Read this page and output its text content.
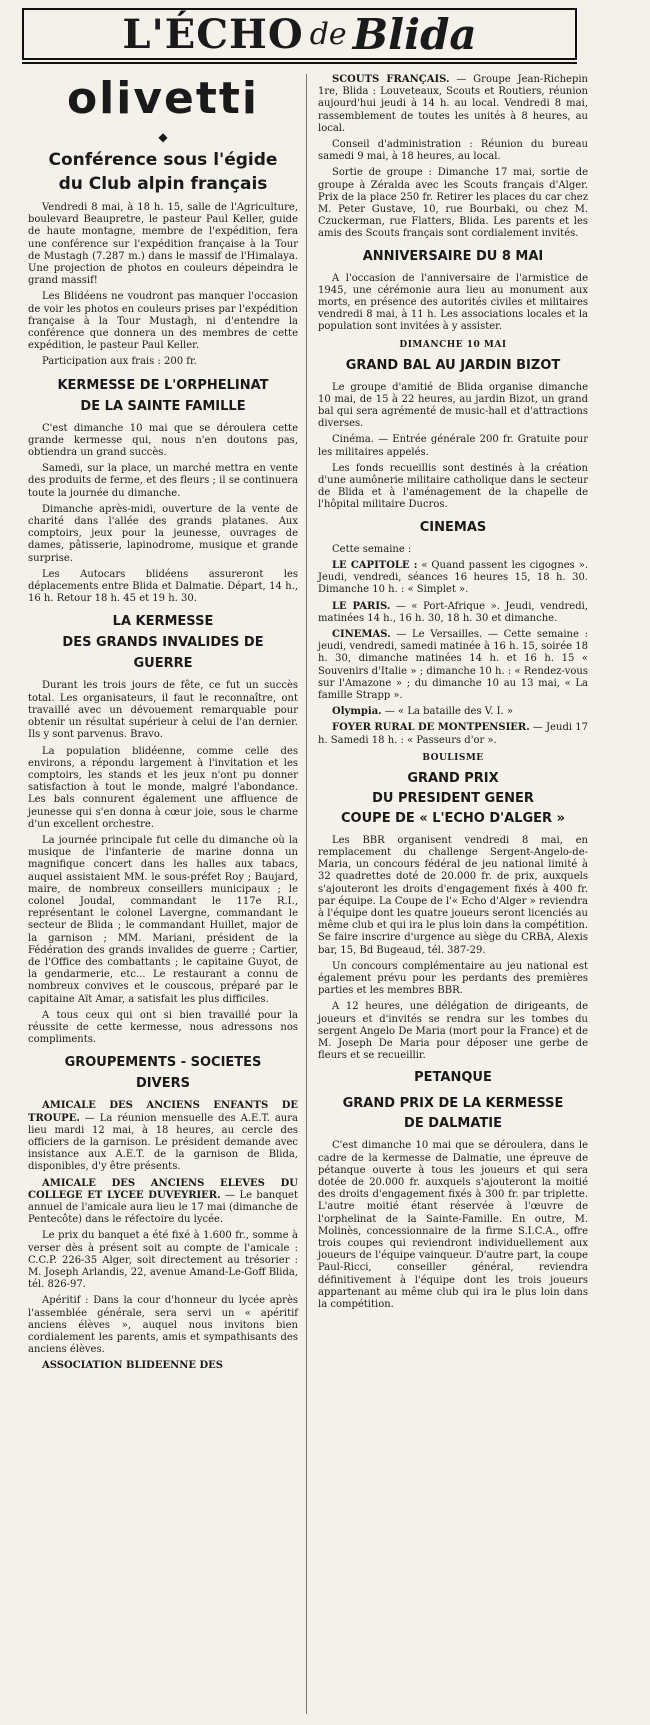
L'ÉCHO de Blida

olivetti

◆
Conférence sous l'égide
du Club alpin français

Vendredi 8 mai, à 18 h. 15, salle de l'Agriculture, boulevard Beaupretre, le pasteur Paul Keller, guide de haute montagne, membre de l'expédition, fera une conférence sur l'expédition française à la Tour de Mustagh (7.287 m.) dans le massif de l'Himalaya. Une projection de photos en couleurs dépeindra le grand massif!

Les Blidéens ne voudront pas manquer l'occasion de voir les photos en couleurs prises par l'expédition française à la Tour Mustagh, ni d'entendre la conférence que donnera un des membres de cette expédition, le pasteur Paul Keller.

Participation aux frais : 200 fr.

KERMESSE DE L'ORPHELINAT
DE LA SAINTE FAMILLE

C'est dimanche 10 mai que se déroulera cette grande kermesse qui, nous n'en doutons pas, obtiendra un grand succès.

Samedi, sur la place, un marché mettra en vente des produits de ferme, et des fleurs ; il se continuera toute la journée du dimanche.

Dimanche après-midi, ouverture de la vente de charité dans l'allée des grands platanes. Aux comptoirs, jeux pour la jeunesse, ouvrages de dames, pâtisserie, lapinodrome, musique et grande surprise.

Les Autocars blidéens assureront les déplacements entre Blida et Dalmatie. Départ, 14 h., 16 h. Retour 18 h. 45 et 19 h. 30.

LA KERMESSE
DES GRANDS INVALIDES DE
GUERRE

Durant les trois jours de fête, ce fut un succès total. Les organisateurs, il faut le reconnaître, ont travaillé avec un dévouement remarquable pour obtenir un résultat supérieur à celui de l'an dernier. Ils y sont parvenus. Bravo.

La population blidéenne, comme celle des environs, a répondu largement à l'invitation et les comptoirs, les stands et les jeux n'ont pu donner satisfaction à tout le monde, malgré l'abondance. Les bals connurent également une affluence de jeunesse qui s'en donna à cœur joie, sous le charme d'un excellent orchestre.

La journée principale fut celle du dimanche où la musique de l'infanterie de marine donna un magnifique concert dans les halles aux tabacs, auquel assistaient MM. le sous-préfet Roy ; Baujard, maire, de nombreux conseillers municipaux ; le colonel Joudal, commandant le 117e R.I., représentant le colonel Lavergne, commandant le secteur de Blida ; le commandant Huillet, major de la garnison ; MM. Mariani, président de la Fédération des grands invalides de guerre ; Cartier, de l'Office des combattants ; le capitaine Guyot, de la gendarmerie, etc... Le restaurant a connu de nombreux convives et le couscous, préparé par le capitaine Aït Amar, a satisfait les plus difficiles.

A tous ceux qui ont si bien travaillé pour la réussite de cette kermesse, nous adressons nos compliments.

GROUPEMENTS - SOCIETES
DIVERS

AMICALE DES ANCIENS ENFANTS DE TROUPE. — La réunion mensuelle des A.E.T. aura lieu mardi 12 mai, à 18 heures, au cercle des officiers de la garnison. Le président demande avec insistance aux A.E.T. de la garnison de Blida, disponibles, d'y être présents.

AMICALE DES ANCIENS ELEVES DU COLLEGE ET LYCEE DUVEYRIER. — Le banquet annuel de l'amicale aura lieu le 17 mai (dimanche de Pentecôte) dans le réfectoire du lycée.

Le prix du banquet a été fixé à 1.600 fr., somme à verser dès à présent soit au compte de l'amicale : C.C.P. 226-35 Alger, soit directement au trésorier : M. Joseph Arlandis, 22, avenue Amand-Le-Goff Blida, tél. 826-97.

Apéritif : Dans la cour d'honneur du lycée après l'assemblée générale, sera servi un « apéritif anciens élèves », auquel nous invitons bien cordialement les parents, amis et sympathisants des anciens élèves.

ASSOCIATION BLIDEENNE DES

SCOUTS FRANÇAIS. — Groupe Jean-Richepin 1re, Blida : Louveteaux, Scouts et Routiers, réunion aujourd'hui jeudi à 14 h. au local. Vendredi 8 mai, rassemblement de toutes les unités à 8 heures, au local.

Conseil d'administration : Réunion du bureau samedi 9 mai, à 18 heures, au local.

Sortie de groupe : Dimanche 17 mai, sortie de groupe à Zéralda avec les Scouts français d'Alger. Prix de la place 250 fr. Retirer les places du car chez M. Peter Gustave, 10, rue Bourbaki, ou chez M. Czuckerman, rue Flatters, Blida. Les parents et les amis des Scouts français sont cordialement invités.

ANNIVERSAIRE DU 8 MAI

A l'occasion de l'anniversaire de l'armistice de 1945, une cérémonie aura lieu au monument aux morts, en présence des autorités civiles et militaires vendredi 8 mai, à 11 h. Les associations locales et la population sont invitées à y assister.

DIMANCHE 10 MAI
GRAND BAL AU JARDIN BIZOT

Le groupe d'amitié de Blida organise dimanche 10 mai, de 15 à 22 heures, au jardin Bizot, un grand bal qui sera agrémenté de music-hall et d'attractions diverses.

Cinéma. — Entrée générale 200 fr. Gratuite pour les militaires appelés.

Les fonds recueillis sont destinés à la création d'une aumônerie militaire catholique dans le secteur de Blida et à l'aménagement de la chapelle de l'hôpital militaire Ducros.

CINEMAS

Cette semaine :

LE CAPITOLE : « Quand passent les cigognes ». Jeudi, vendredi, séances 16 heures 15, 18 h. 30. Dimanche 10 h. : « Simplet ».

LE PARIS. — « Port-Afrique ». Jeudi, vendredi, matinées 14 h., 16 h. 30, 18 h. 30 et dimanche.

CINEMAS. — Le Versailles. — Cette semaine : jeudi, vendredi, samedi matinée à 16 h. 15, soirée 18 h. 30, dimanche matinées 14 h. et 16 h. 15 « Souvenirs d'Italie » ; dimanche 10 h. : « Rendez-vous sur l'Amazone » ; du dimanche 10 au 13 mai, « La famille Strapp ».

Olympia. — « La bataille des V. I. »

FOYER RURAL DE MONTPENSIER. — Jeudi 17 h. Samedi 18 h. : « Passeurs d'or ».

BOULISME
GRAND PRIX
DU PRESIDENT GENER
COUPE DE « L'ECHO D'ALGER »

Les BBR organisent vendredi 8 mai, en remplacement du challenge Sergent-Angelo-de-Maria, un concours fédéral de jeu national limité à 32 quadrettes doté de 20.000 fr. de prix, auxquels s'ajouteront les droits d'engagement fixés à 400 fr. par équipe. La Coupe de l'« Echo d'Alger » reviendra à l'équipe dont les quatre joueurs seront licenciés au même club et qui ira le plus loin dans la compétition. Se faire inscrire d'urgence au siège du CRBA, Alexis bar, 15, Bd Bugeaud, tél. 387-29.

Un concours complémentaire au jeu national est également prévu pour les perdants des premières parties et les membres BBR.

A 12 heures, une délégation de dirigeants, de joueurs et d'invités se rendra sur les tombes du sergent Angelo De Maria (mort pour la France) et de M. Joseph De Maria pour déposer une gerbe de fleurs et se recueillir.

PETANQUE
GRAND PRIX DE LA KERMESSE
DE DALMATIE

C'est dimanche 10 mai que se déroulera, dans le cadre de la kermesse de Dalmatie, une épreuve de pétanque ouverte à tous les joueurs et qui sera dotée de 20.000 fr. auxquels s'ajouteront la moitié des droits d'engagement fixés à 300 fr. par triplette. L'autre moitié étant réservée à l'œuvre de l'orphelinat de la Sainte-Famille. En outre, M. Molinès, concessionnaire de la firme S.I.C.A., offre trois coupes qui reviendront individuellement aux joueurs de l'équipe vainqueur. D'autre part, la coupe Paul-Ricci, conseiller général, reviendra définitivement à l'équipe dont les trois joueurs appartenant au même club qui ira le plus loin dans la compétition.
